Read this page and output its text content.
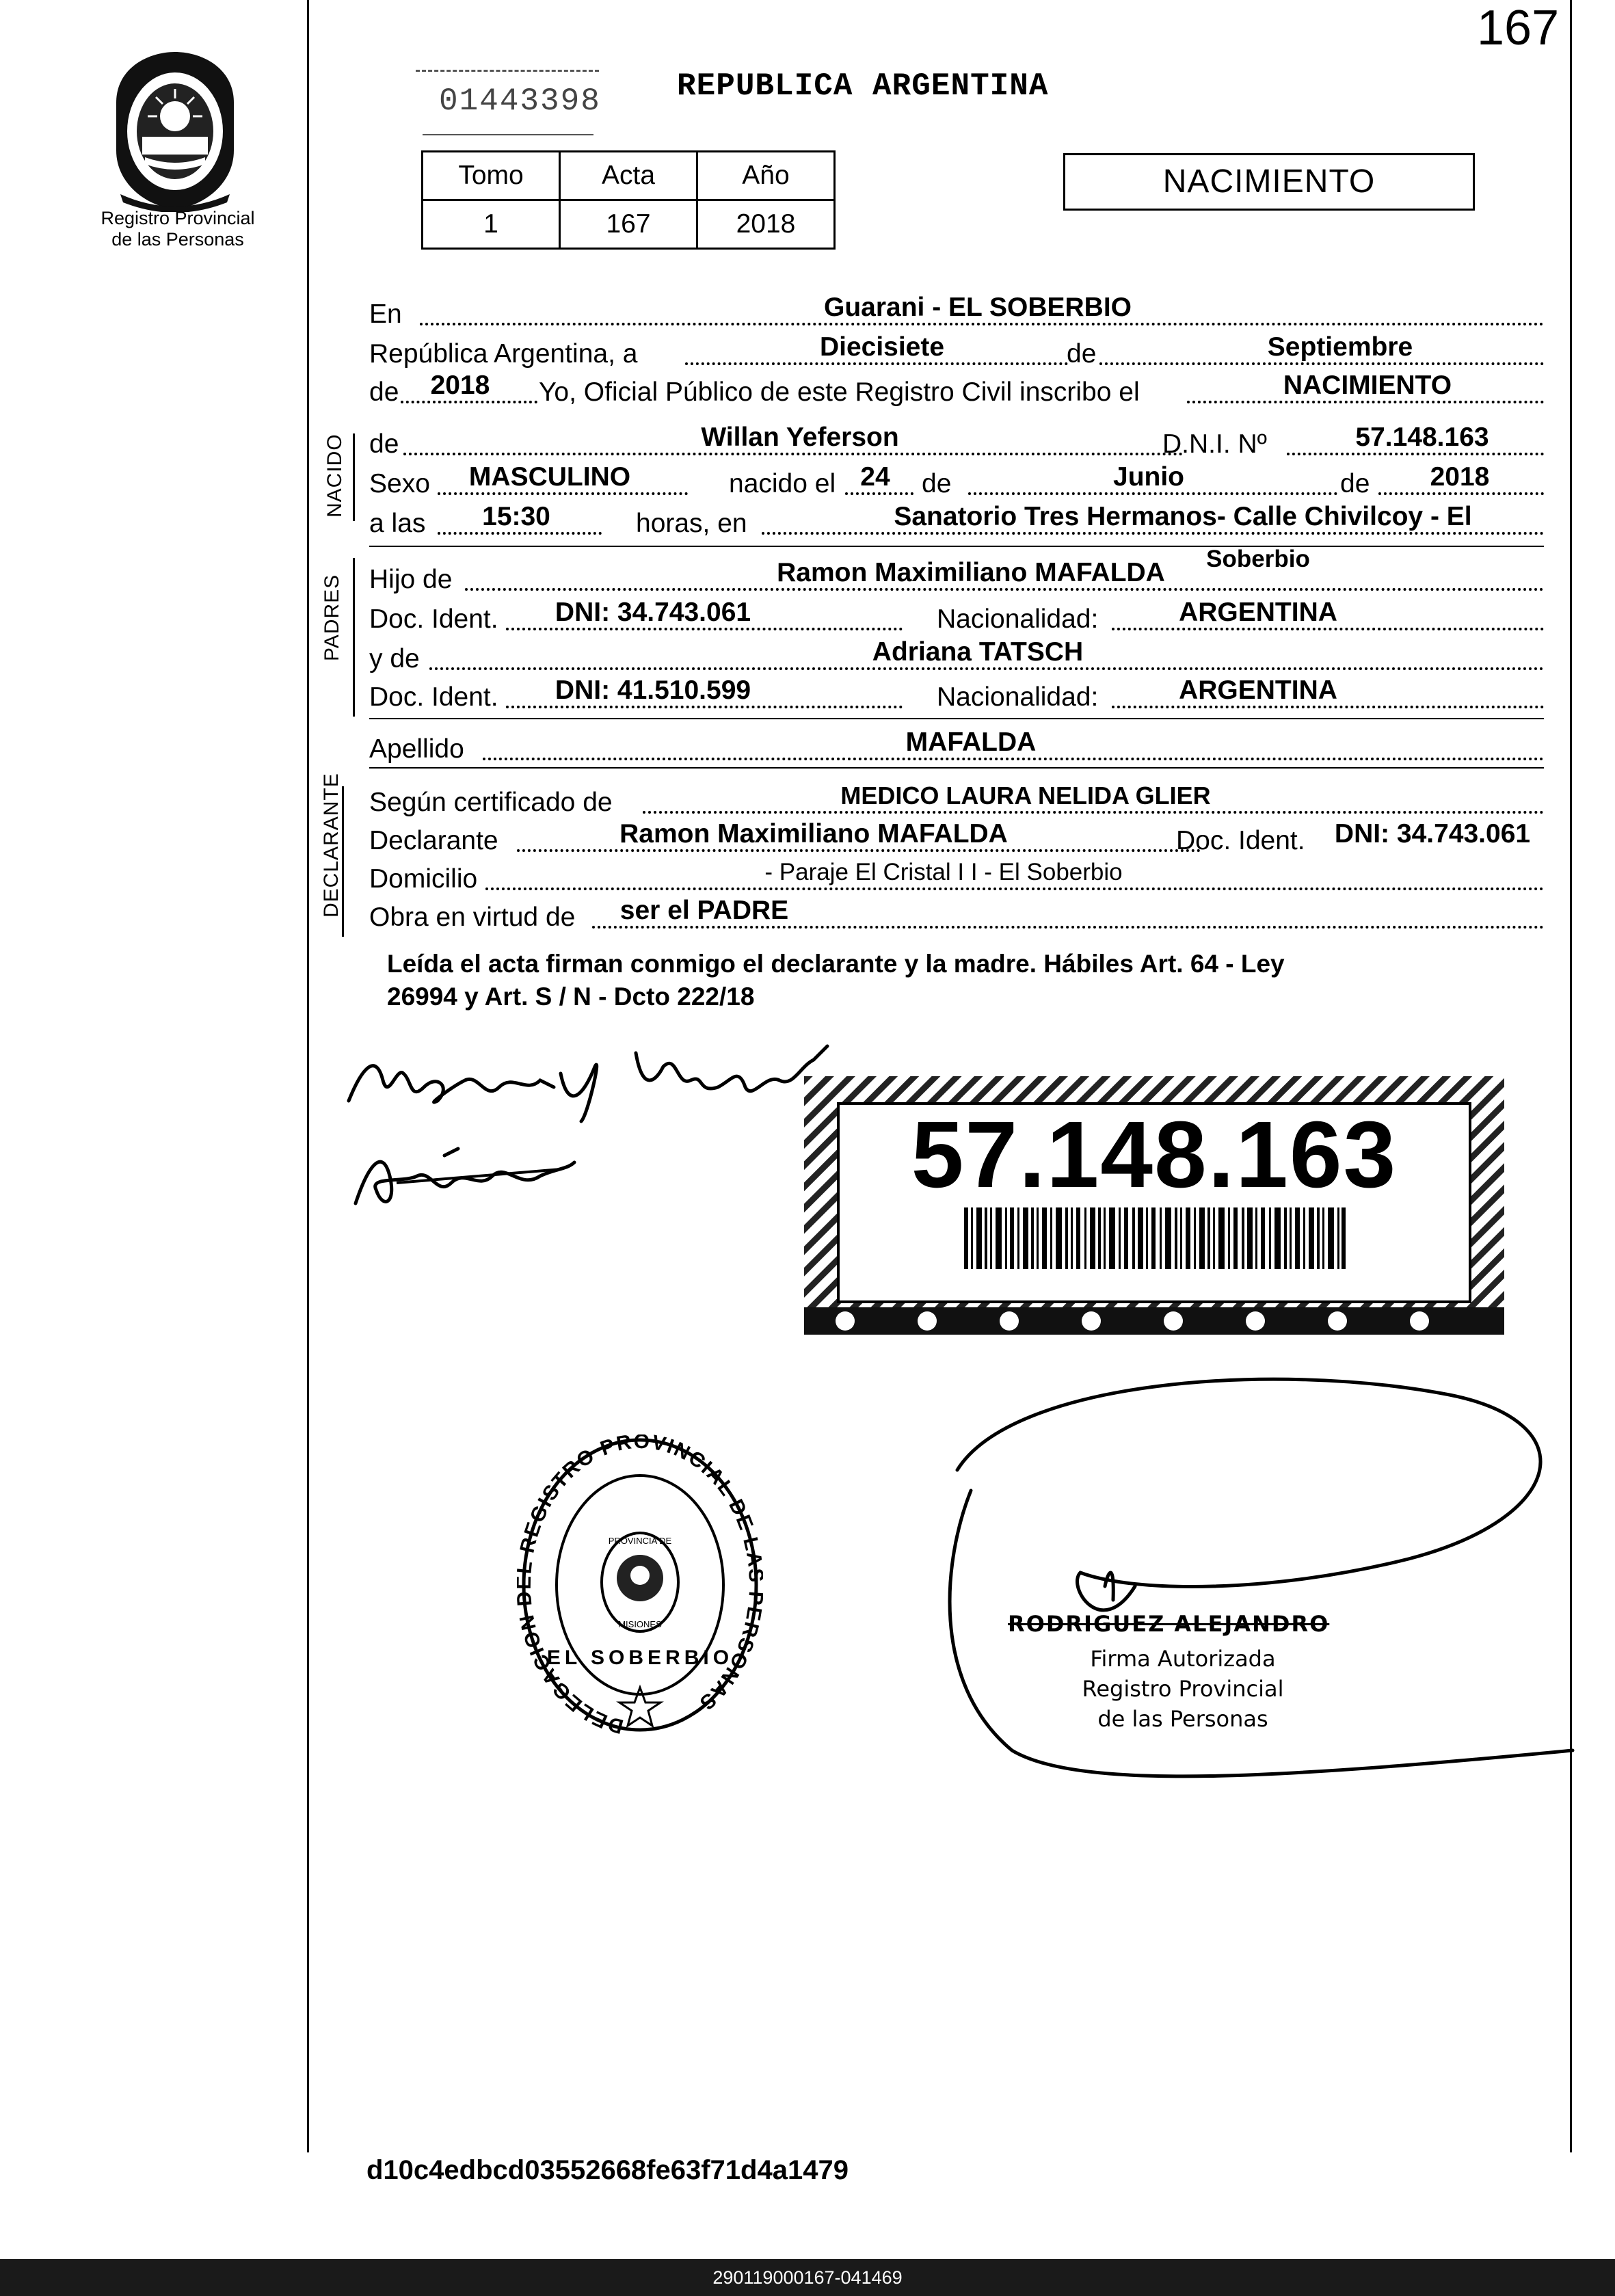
167
Registro Provincial
de las Personas
01443398 REPUBLICA ARGENTINA
Tomo	Acta	Año
1	167	2018
NACIMIENTO
En	Guarani - EL SOBERBIO
República Argentina, a	Diecisiete	de	Septiembre
de	2018	Yo, Oficial Público de este Registro Civil inscribo el	NACIMIENTO
NACIDO de	Willan Yeferson	D.N.I. Nº	57.148.163
Sexo	MASCULINO	nacido el 24	de	Junio	de	2018
a las	15:30	horas, en	Sanatorio Tres Hermanos- Calle Chivilcoy - El
PADRES Hijo de	Ramon Maximiliano MAFALDA	Soberbio
Doc. Ident.	DNI: 34.743.061	Nacionalidad:	ARGENTINA
y de	Adriana TATSCH
Doc. Ident.	DNI: 41.510.599	Nacionalidad:	ARGENTINA
Apellido	MAFALDA
DECLARANTE Según certificado de	MEDICO LAURA NELIDA GLIER
Declarante	Ramon Maximiliano MAFALDA	Doc. Ident.	DNI: 34.743.061
Domicilio	- Paraje El Cristal I I - El Soberbio
Obra en virtud de	ser el PADRE
Leída el acta firman conmigo el declarante y la madre. Hábiles Art. 64 - Ley
26994 y Art. S / N - Dcto 222/18
57.148.163
DELEGACION REGISTRO PROVINCIAL DE L RSONAS
PROVINCIA DE
MISIONES
EL SOBERBIO
RODRIGUEZ ALEJANDRO
Firma Autorizada
Registro Provincial
de las Personas
d10c4edbcd03552668fe63f71d4a1479
290119000167-041469
